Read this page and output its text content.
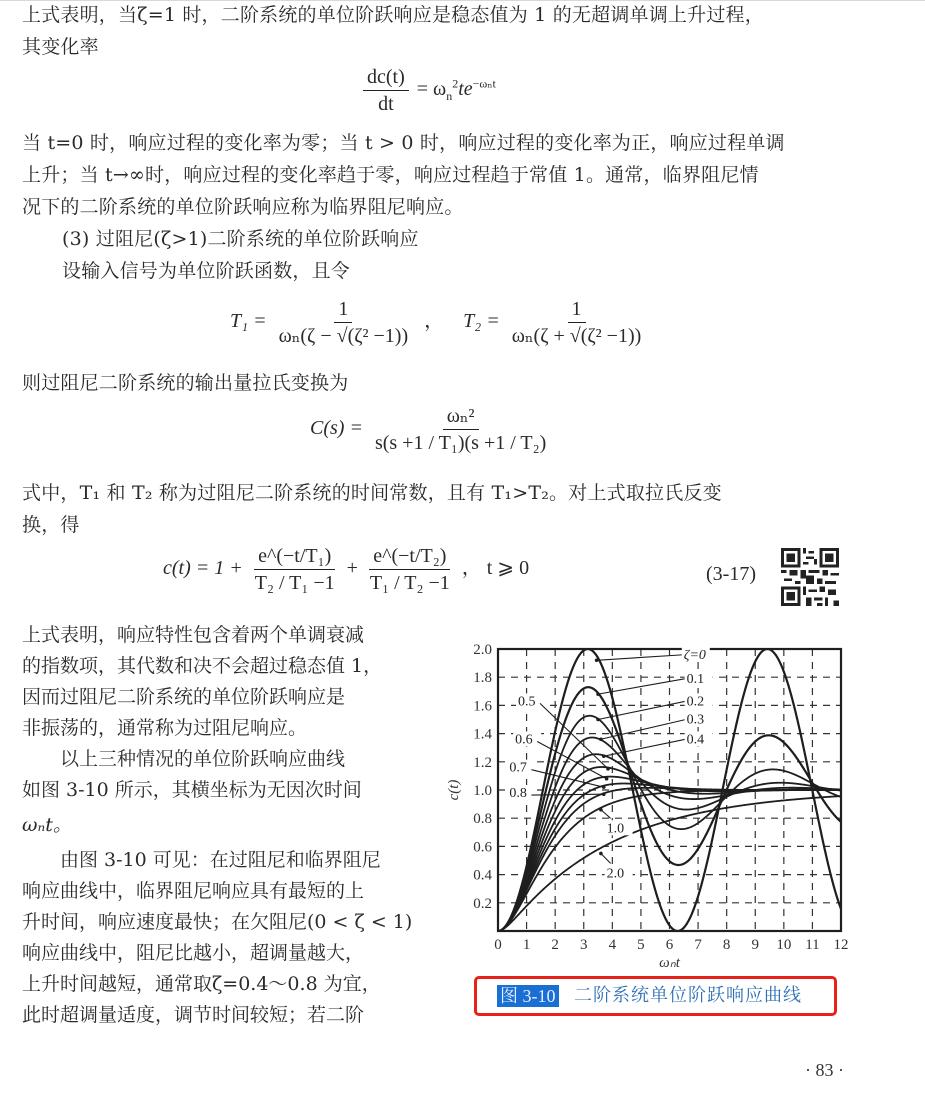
上式表明，当ζ=1 时，二阶系统的单位阶跃响应是稳态值为 1 的无超调单调上升过程，
其变化率
$\frac{dc(t)}{dt} = \omega_n^2te^{-\omega_nt}$
当 t=0 时，响应过程的变化率为零；当 t > 0 时，响应过程的变化率为正，响应过程单调
上升；当 t→∞时，响应过程的变化率趋于零，响应过程趋于常值 1。通常，临界阻尼情
况下的二阶系统的单位阶跃响应称为临界阻尼响应。
(3) 过阻尼(ζ>1)二阶系统的单位阶跃响应
设输入信号为单位阶跃函数，且令
$T_1 = \frac{1}{\text{ωₙ(ζ − √(ζ² −1))}}$ ， $T_2 = \frac{1}{\text{ωₙ(ζ + √(ζ² −1))}}$
则过阻尼二阶系统的输出量拉氏变换为
$C(s) = \frac{\text{ωₙ²}}{\text{s(s +1 / T₁)(s +1 / T₂)}}$
式中，T₁ 和 T₂ 称为过阻尼二阶系统的时间常数，且有 T₁>T₂。对上式取拉氏反变
换，得
$c(t) = 1 + \frac{\text{e\textasciicircum{}(−t/T₁)}}{\text{T₂ / T₁ −1}} + \frac{\text{e\textasciicircum{}(−t/T₂)}}{\text{T₁ / T₂ −1}}$ ， t ⩾ 0	(3-17)
上式表明，响应特性包含着两个单调衰减
的指数项，其代数和决不会超过稳态值 1，
因而过阻尼二阶系统的单位阶跃响应是
非振荡的，通常称为过阻尼响应。
　　以上三种情况的单位阶跃响应曲线
如图 3-10 所示，其横坐标为无因次时间
ωₙt。
　　由图 3-10 可见：在过阻尼和临界阻尼
响应曲线中，临界阻尼响应具有最短的上
升时间，响应速度最快；在欠阻尼(0 < ζ < 1)
响应曲线中，阻尼比越小，超调量越大，
上升时间越短，通常取ζ=0.4～0.8 为宜，
此时超调量适度，调节时间较短；若二阶
0 1 2 3 4 5 6 7 8 9 10 11 12
0.2
0.4
0.6
0.8
1.0
1.2
1.4
1.6
1.8
2.0
ωₙt
c(t)
ζ=0
0.1
0.2
0.3
0.4
0.5
0.6
0.7
0.8
1.0
2.0
图 3-10 二阶系统单位阶跃响应曲线
· 83 ·
